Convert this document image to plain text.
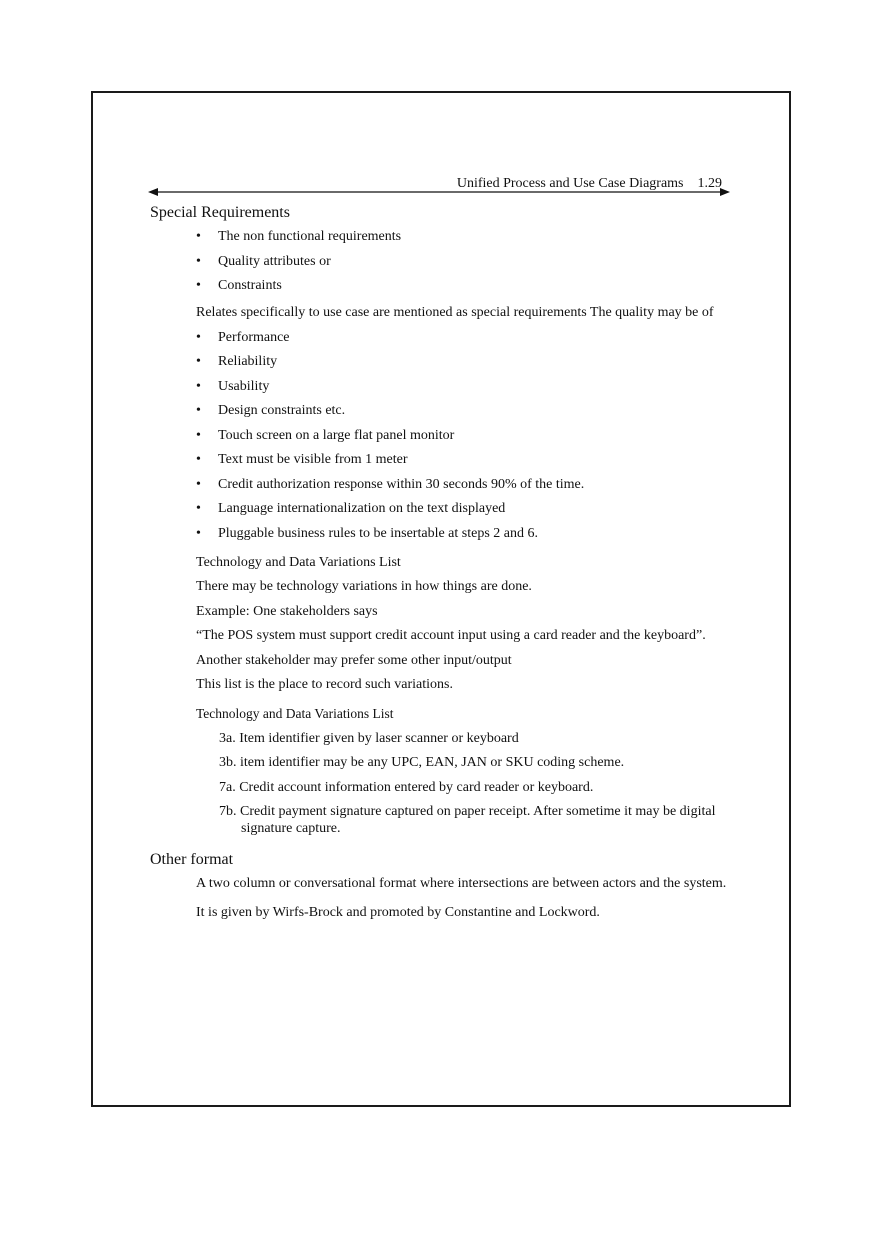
Unified Process and Use Case Diagrams 1.29
Special Requirements
• The non functional requirements
• Quality attributes or
• Constraints

Relates specifically to use case are mentioned as special requirements The quality may be of

• Performance
• Reliability
• Usability
• Design constraints etc.
• Touch screen on a large flat panel monitor
• Text must be visible from 1 meter
• Credit authorization response within 30 seconds 90% of the time.
• Language internationalization on the text displayed
• Pluggable business rules to be insertable at steps 2 and 6.

Technology and Data Variations List

There may be technology variations in how things are done.

Example: One stakeholders says

“The POS system must support credit account input using a card reader and the keyboard”.

Another stakeholder may prefer some other input/output

This list is the place to record such variations.

Technology and Data Variations List

3a. Item identifier given by laser scanner or keyboard
3b. item identifier may be any UPC, EAN, JAN or SKU coding scheme.
7a. Credit account information entered by card reader or keyboard.
7b. Credit payment signature captured on paper receipt. After sometime it may be digital signature capture.
Other format

A two column or conversational format where intersections are between actors and the system.

It is given by Wirfs-Brock and promoted by Constantine and Lockword.
